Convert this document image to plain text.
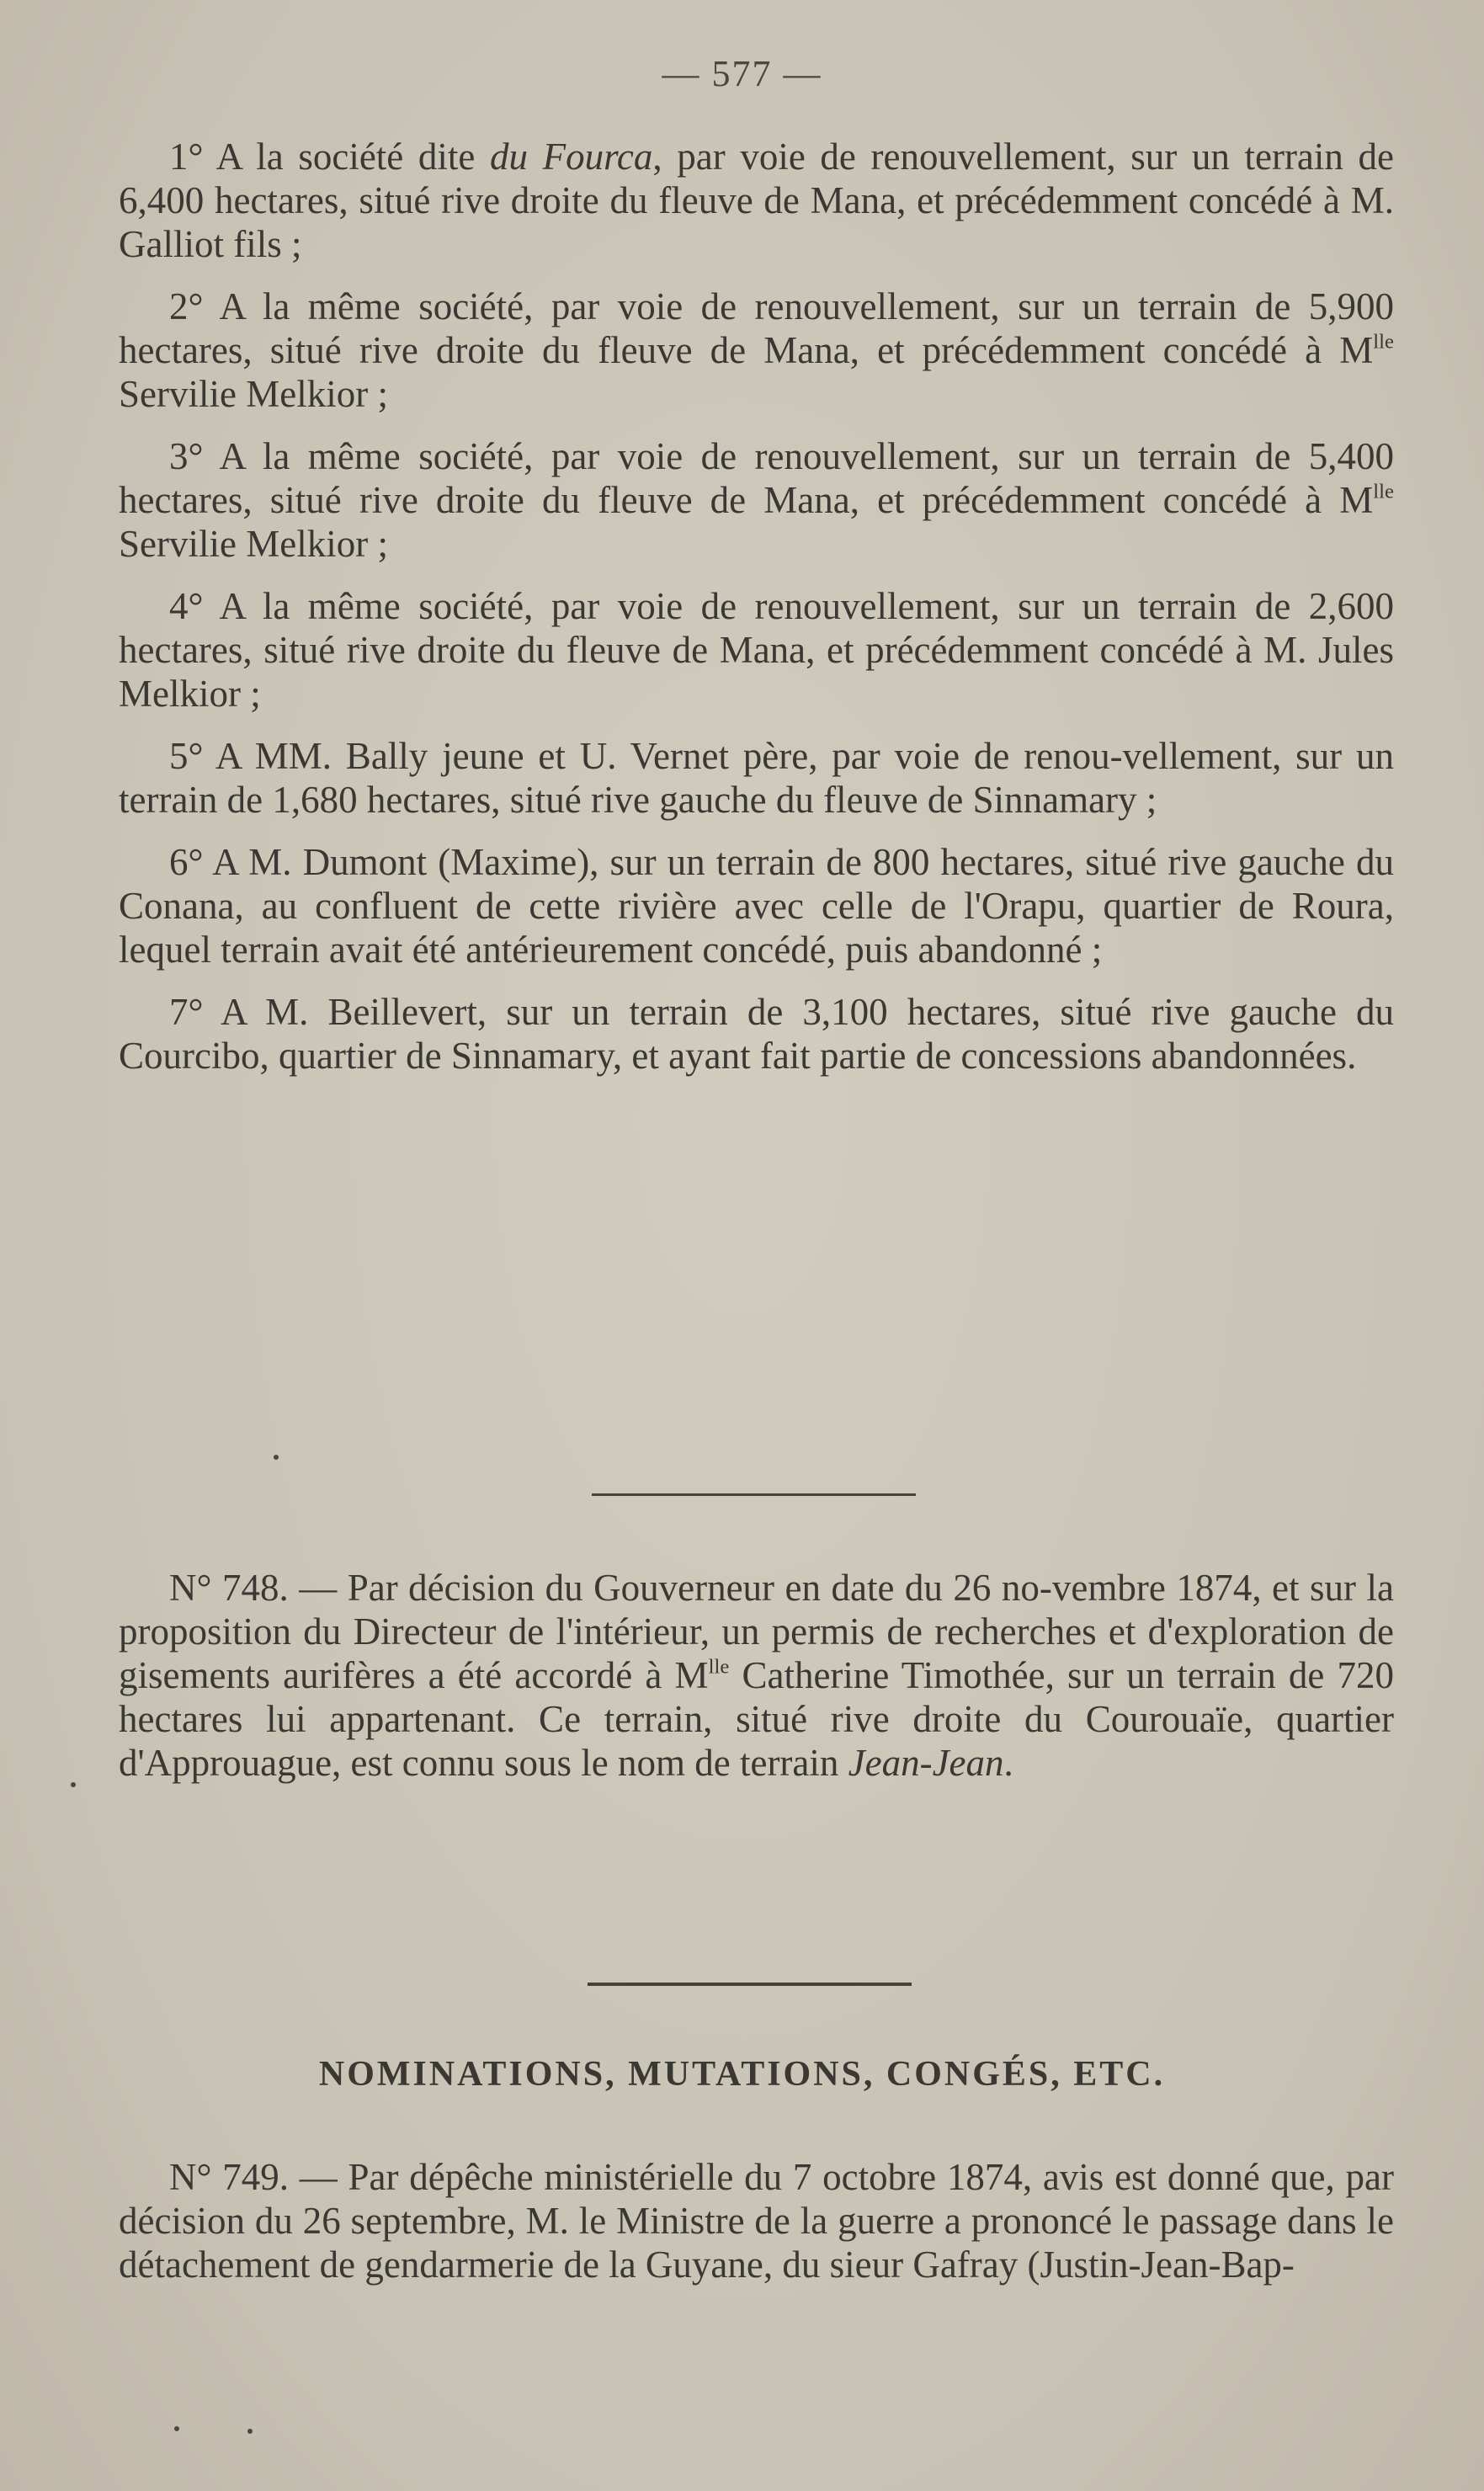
— 577 —

1° A la société dite du Fourca, par voie de renouvellement, sur un terrain de 6,400 hectares, situé rive droite du fleuve de Mana, et précédemment concédé à M. Galliot fils ;

2° A la même société, par voie de renouvellement, sur un terrain de 5,900 hectares, situé rive droite du fleuve de Mana, et précédemment concédé à $M^{lle}$ Servilie Melkior ;

3° A la même société, par voie de renouvellement, sur un terrain de 5,400 hectares, situé rive droite du fleuve de Mana, et précédemment concédé à $M^{lle}$ Servilie Melkior ;

4° A la même société, par voie de renouvellement, sur un terrain de 2,600 hectares, situé rive droite du fleuve de Mana, et précédemment concédé à M. Jules Melkior ;

5° A MM. Bally jeune et U. Vernet père, par voie de renou-vellement, sur un terrain de 1,680 hectares, situé rive gauche du fleuve de Sinnamary ;

6° A M. Dumont (Maxime), sur un terrain de 800 hectares, situé rive gauche du Conana, au confluent de cette rivière avec celle de l'Orapu, quartier de Roura, lequel terrain avait été antérieurement concédé, puis abandonné ;

7° A M. Beillevert, sur un terrain de 3,100 hectares, situé rive gauche du Courcibo, quartier de Sinnamary, et ayant fait partie de concessions abandonnées.

N° 748. — Par décision du Gouverneur en date du 26 no-vembre 1874, et sur la proposition du Directeur de l'intérieur, un permis de recherches et d'exploration de gisements aurifères a été accordé à $M^{lle}$ Catherine Timothée, sur un terrain de 720 hectares lui appartenant. Ce terrain, situé rive droite du Courouaïe, quartier d'Approuague, est connu sous le nom de terrain Jean-Jean.

NOMINATIONS, MUTATIONS, CONGÉS, ETC.

N° 749. — Par dépêche ministérielle du 7 octobre 1874, avis est donné que, par décision du 26 septembre, M. le Ministre de la guerre a prononcé le passage dans le détachement de gendarmerie de la Guyane, du sieur Gafray (Justin-Jean-Bap-
